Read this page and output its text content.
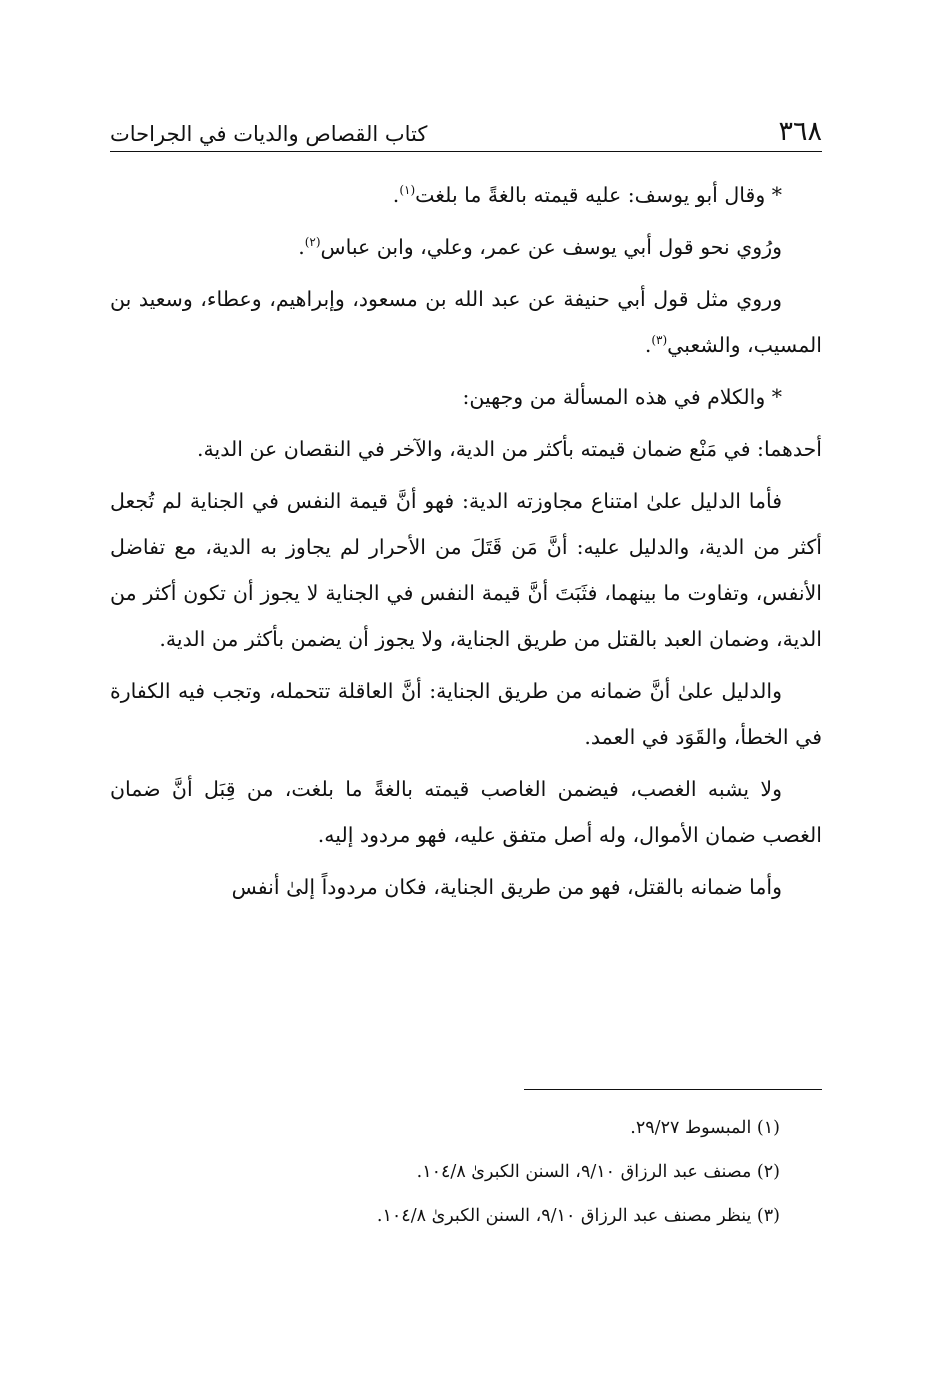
٣٦٨
كتاب القصاص والديات في الجراحات

* وقال أبو يوسف: عليه قيمته بالغةً ما بلغت$^{(١)}$.

ورُوي نحو قول أبي يوسف عن عمر، وعلي، وابن عباس$^{(٢)}$.

وروي مثل قول أبي حنيفة عن عبد الله بن مسعود، وإبراهيم، وعطاء، وسعيد بن المسيب، والشعبي$^{(٣)}$.

* والكلام في هذه المسألة من وجهين:

أحدهما: في مَنْع ضمان قيمته بأكثر من الدية، والآخر في النقصان عن الدية.

فأما الدليل علىٰ امتناع مجاوزته الدية: فهو أنَّ قيمة النفس في الجناية لم تُجعل أكثر من الدية، والدليل عليه: أنَّ مَن قَتَلَ من الأحرار لم يجاوز به الدية، مع تفاضل الأنفس، وتفاوت ما بينهما، فثَبَتَ أنَّ قيمة النفس في الجناية لا يجوز أن تكون أكثر من الدية، وضمان العبد بالقتل من طريق الجناية، ولا يجوز أن يضمن بأكثر من الدية.

والدليل علىٰ أنَّ ضمانه من طريق الجناية: أنَّ العاقلة تتحمله، وتجب فيه الكفارة في الخطأ، والقَوَد في العمد.

ولا يشبه الغصب، فيضمن الغاصب قيمته بالغةً ما بلغت، من قِبَل أنَّ ضمان الغصب ضمان الأموال، وله أصل متفق عليه، فهو مردود إليه.

وأما ضمانه بالقتل، فهو من طريق الجناية، فكان مردوداً إلىٰ أنفس

(١) المبسوط ٢٩/٢٧.
(٢) مصنف عبد الرزاق ٩/١٠، السنن الكبرىٰ ١٠٤/٨.
(٣) ينظر مصنف عبد الرزاق ٩/١٠، السنن الكبرىٰ ١٠٤/٨.
